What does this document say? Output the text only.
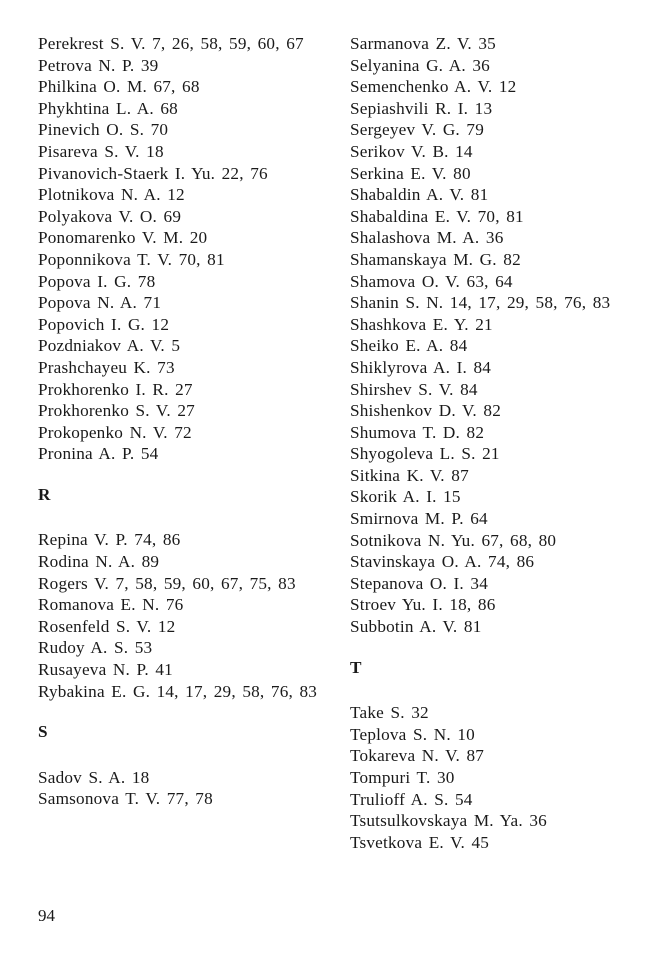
Perekrest S. V. 7, 26, 58, 59, 60, 67
Petrova N. P. 39
Philkina O. M. 67, 68
Phykhtina L. A. 68
Pinevich O. S. 70
Pisareva S. V. 18
Pivanovich-Staerk I. Yu. 22, 76
Plotnikova N. A. 12
Polyakova V. O. 69
Ponomarenko V. M. 20
Poponnikova T. V. 70, 81
Popova I. G. 78
Popova N. A. 71
Popovich I. G. 12
Pozdniakov A. V. 5
Prashchayeu K. 73
Prokhorenko I. R. 27
Prokhorenko S. V. 27
Prokopenko N. V. 72
Pronina A. P. 54
R
Repina V. P. 74, 86
Rodina N. A. 89
Rogers V. 7, 58, 59, 60, 67, 75, 83
Romanova E. N. 76
Rosenfeld S. V. 12
Rudoy A. S. 53
Rusayeva N. P. 41
Rybakina E. G. 14, 17, 29, 58, 76, 83
S
Sadov S. A. 18
Samsonova T. V. 77, 78
Sarmanova Z. V. 35
Selyanina G. A. 36
Semenchenko A. V. 12
Sepiashvili R. I. 13
Sergeyev V. G. 79
Serikov V. B. 14
Serkina E. V. 80
Shabaldin A. V. 81
Shabaldina E. V. 70, 81
Shalashova M. A. 36
Shamanskaya M. G. 82
Shamova O. V. 63, 64
Shanin S. N. 14, 17, 29, 58, 76, 83
Shashkova E. Y. 21
Sheiko E. A. 84
Shiklyrova A. I. 84
Shirshev S. V. 84
Shishenkov D. V. 82
Shumova T. D. 82
Shyogoleva L. S. 21
Sitkina K. V. 87
Skorik A. I. 15
Smirnova M. P. 64
Sotnikova N. Yu. 67, 68, 80
Stavinskaya O. A. 74, 86
Stepanova O. I. 34
Stroev Yu. I. 18, 86
Subbotin A. V. 81
T
Take S. 32
Teplova S. N. 10
Tokareva N. V. 87
Tompuri T. 30
Trulioff A. S. 54
Tsutsulkovskaya M. Ya. 36
Tsvetkova E. V. 45
94
